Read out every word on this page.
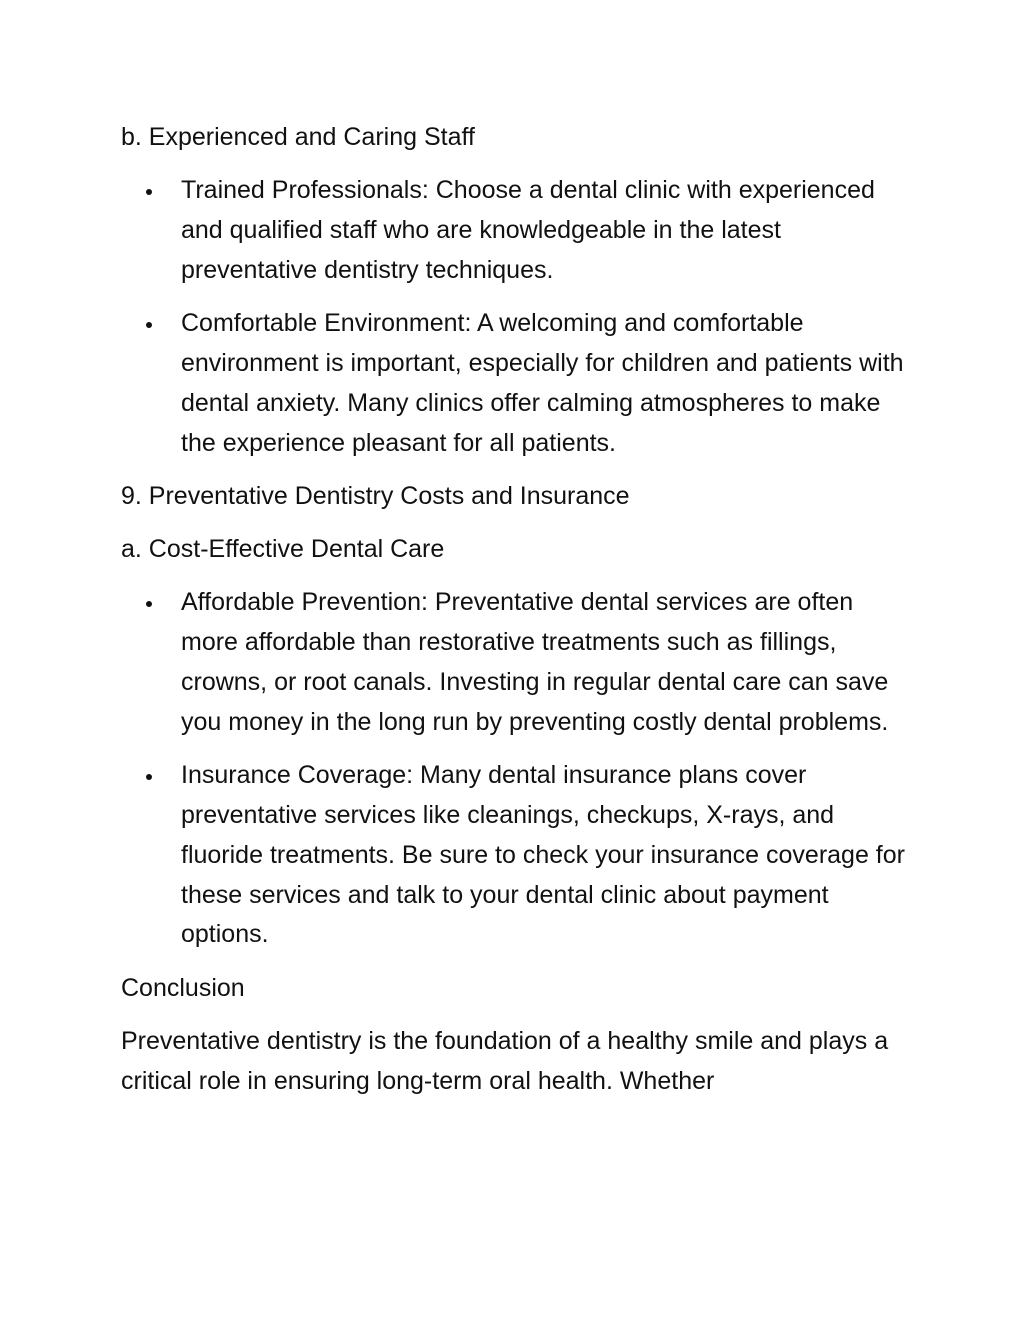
b. Experienced and Caring Staff

Trained Professionals: Choose a dental clinic with experienced and qualified staff who are knowledgeable in the latest preventative dentistry techniques.
Comfortable Environment: A welcoming and comfortable environment is important, especially for children and patients with dental anxiety. Many clinics offer calming atmospheres to make the experience pleasant for all patients.

9. Preventative Dentistry Costs and Insurance

a. Cost-Effective Dental Care

Affordable Prevention: Preventative dental services are often more affordable than restorative treatments such as fillings, crowns, or root canals. Investing in regular dental care can save you money in the long run by preventing costly dental problems.
Insurance Coverage: Many dental insurance plans cover preventative services like cleanings, checkups, X-rays, and fluoride treatments. Be sure to check your insurance coverage for these services and talk to your dental clinic about payment options.

Conclusion

Preventative dentistry is the foundation of a healthy smile and plays a critical role in ensuring long-term oral health. Whether
